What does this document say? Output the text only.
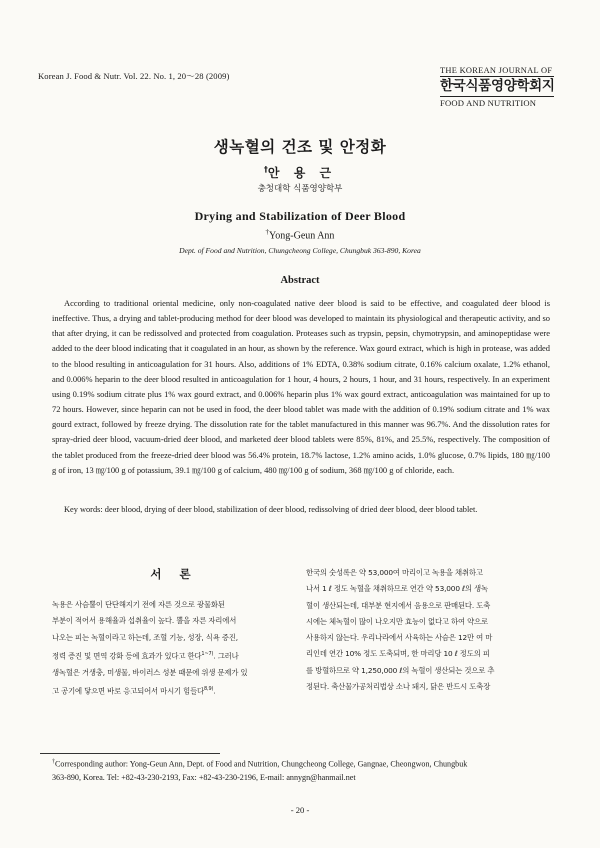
Korean J. Food & Nutr. Vol. 22. No. 1, 20～28 (2009)
THE KOREAN JOURNAL OF
한국식품영양학회지
FOOD AND NUTRITION
생녹혈의 건조 및 안정화
†안 용 근
충청대학 식품영양학부
Drying and Stabilization of Deer Blood
†Yong-Geun Ann
Dept. of Food and Nutrition, Chungcheong College, Chungbuk 363-890, Korea
Abstract
According to traditional oriental medicine, only non-coagulated native deer blood is said to be effective, and coagulated deer blood is ineffective. Thus, a drying and tablet-producing method for deer blood was developed to maintain its physiological and therapeutic activity, and so that after drying, it can be redissolved and protected from coagulation. Proteases such as trypsin, pepsin, chymotrypsin, and aminopeptidase were added to the deer blood indicating that it coagulated in an hour, as shown by the reference. Wax gourd extract, which is high in protease, was added to the blood resulting in anticoagulation for 31 hours. Also, additions of 1% EDTA, 0.38% sodium citrate, 0.16% calcium oxalate, 1.2% ethanol, and 0.006% heparin to the deer blood resulted in anticoagulation for 1 hour, 4 hours, 2 hours, 1 hour, and 31 hours, respectively. In an experiment using 0.19% sodium citrate plus 1% wax gourd extract, and 0.006% heparin plus 1% wax gourd extract, anticoagulation was maintained for up to 72 hours. However, since heparin can not be used in food, the deer blood tablet was made with the addition of 0.19% sodium citrate and 1% wax gourd extract, followed by freeze drying. The dissolution rate for the tablet manufactured in this manner was 96.7%. And the dissolution rates for spray-dried deer blood, vacuum-dried deer blood, and marketed deer blood tablets were 85%, 81%, and 25.5%, respectively. The composition of the tablet produced from the freeze-dried deer blood was 56.4% protein, 18.7% lactose, 1.2% amino acids, 1.0% glucose, 0.7% lipids, 180 ㎎/100 g of iron, 13 ㎎/100 g of potassium, 39.1 ㎎/100 g of calcium, 480 ㎎/100 g of sodium, 368 ㎎/100 g of chloride, each.
Key words: deer blood, drying of deer blood, stabilization of deer blood, redissolving of dried deer blood, deer blood tablet.
서 론
녹용은 사슴뿔이 단단해지기 전에 자른 것으로 광물화된
부분이 적어서 용해율과 섭취율이 높다. 뿔을 자른 자리에서
나오는 피는 녹혈이라고 하는데, 조혈 기능, 성장, 식욕 증진,
정력 증진 및 면역 강화 등에 효과가 있다고 한다$^{1\sim 7)}$. 그러나
생녹혈은 거생충, 미생물, 바이러스 성분 때문에 위생 문제가 있
고 공기에 닿으면 바로 응고되어서 마시기 힘들다$^{8,9)}$.
한국의 숫성록은 약 53,000여 마리이고 녹용을 채취하고
나서 1 ℓ 정도 녹혈을 채취하므로 연간 약 53,000 ℓ의 생녹
혈이 생산되는데, 대부분 현지에서 음용으로 판매된다. 도축
시에는 체녹혈이 많이 나오지만 효능이 없다고 하여 약으로
사용하지 않는다. 우리나라에서 사육하는 사슴은 12만 여 마
리인데 연간 10% 정도 도축되며, 한 마리당 10 ℓ 정도의 피
를 방혈하므로 약 1,250,000 ℓ의 녹혈이 생산되는 것으로 추
정된다. 축산물가공처리법상 소나 돼지, 닭은 반드시 도축장
†Corresponding author: Yong-Geun Ann, Dept. of Food and Nutrition, Chungcheong College, Gangnae, Cheongwon, Chungbuk
363-890, Korea. Tel: +82-43-230-2193, Fax: +82-43-230-2196, E-mail: annygn@hanmail.net
- 20 -
